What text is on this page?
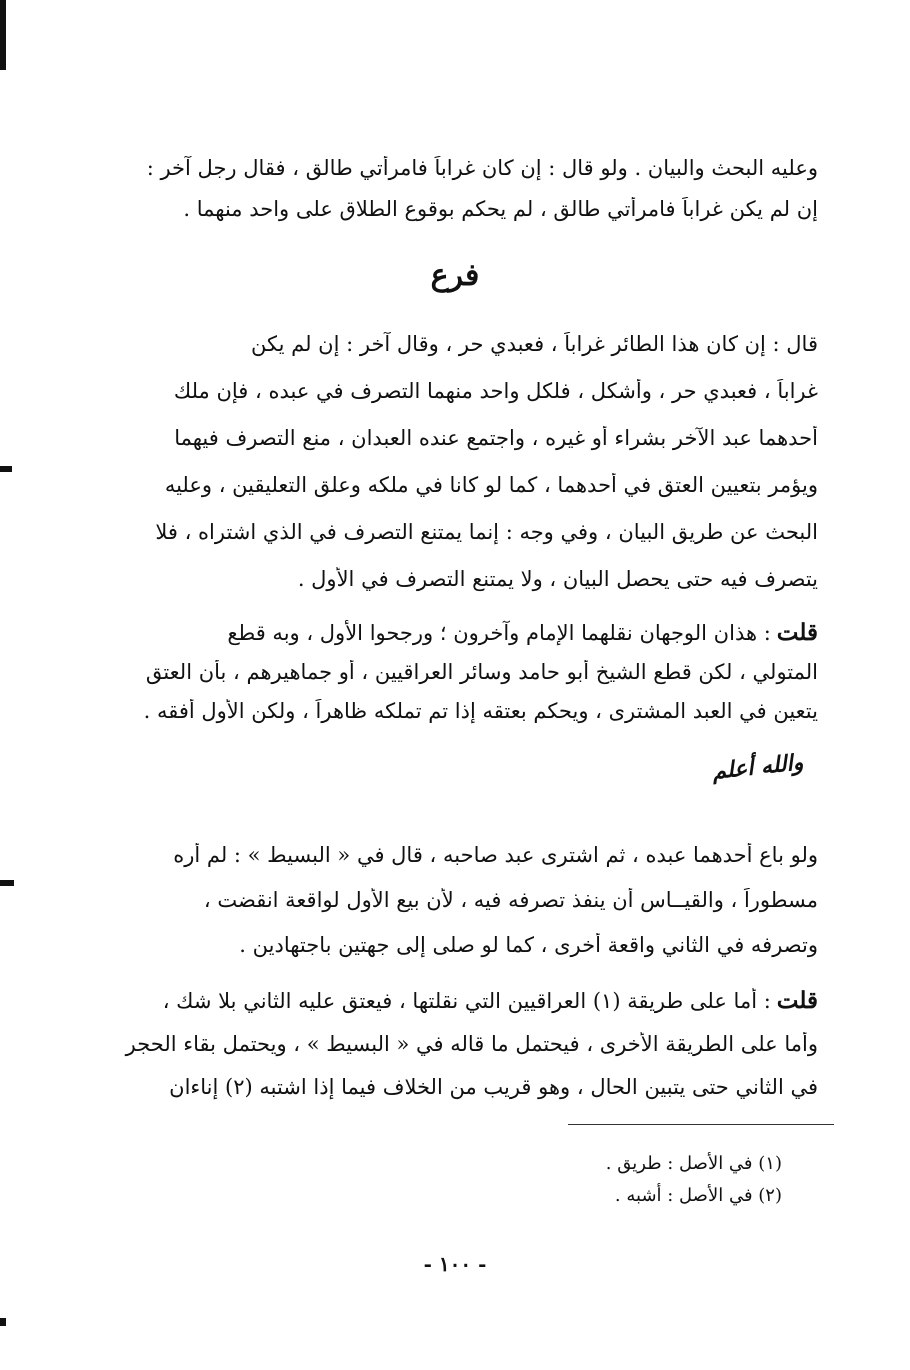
وعليه البحث والبيان . ولو قال : إن كان غراباً فامرأتي طالق ، فقال رجل آخر :
إن لم يكن غراباً فامرأتي طالق ، لم يحكم بوقوع الطلاق على واحد منهما .
فرع
قال : إن كان هذا الطائر غراباً ، فعبدي حر ، وقال آخر : إن لم يكن
غراباً ، فعبدي حر ، وأشكل ، فلكل واحد منهما التصرف في عبده ، فإن ملك
أحدهما عبد الآخر بشراء أو غيره ، واجتمع عنده العبدان ، منع التصرف فيهما
ويؤمر بتعيين العتق في أحدهما ، كما لو كانا في ملكه وعلق التعليقين ، وعليه
البحث عن طريق البيان ، وفي وجه : إنما يمتنع التصرف في الذي اشتراه ، فلا
يتصرف فيه حتى يحصل البيان ، ولا يمتنع التصرف في الأول .
قلت: هذان الوجهان نقلهما الإمام وآخرون ؛ ورجحوا الأول ، وبه قطع
المتولي ، لكن قطع الشيخ أبو حامد وسائر العراقيين ، أو جماهيرهم ، بأن العتق
يتعين في العبد المشترى ، ويحكم بعتقه إذا تم تملكه ظاهراً ، ولكن الأول أفقه .
والله أعلم
ولو باع أحدهما عبده ، ثم اشترى عبد صاحبه ، قال في « البسيط » : لم أره
مسطوراً ، والقيــاس أن ينفذ تصرفه فيه ، لأن بيع الأول لواقعة انقضت ،
وتصرفه في الثاني واقعة أخرى ، كما لو صلى إلى جهتين باجتهادين .
قلت: أما على طريقة (١) العراقيين التي نقلتها ، فيعتق عليه الثاني بلا شك ،
وأما على الطريقة الأخرى ، فيحتمل ما قاله في « البسيط » ، ويحتمل بقاء الحجر
في الثاني حتى يتبين الحال ، وهو قريب من الخلاف فيما إذا اشتبه (٢) إناءان
(١) في الأصل : طريق .
(٢) في الأصل : أشبه .
- ١٠٠ -
